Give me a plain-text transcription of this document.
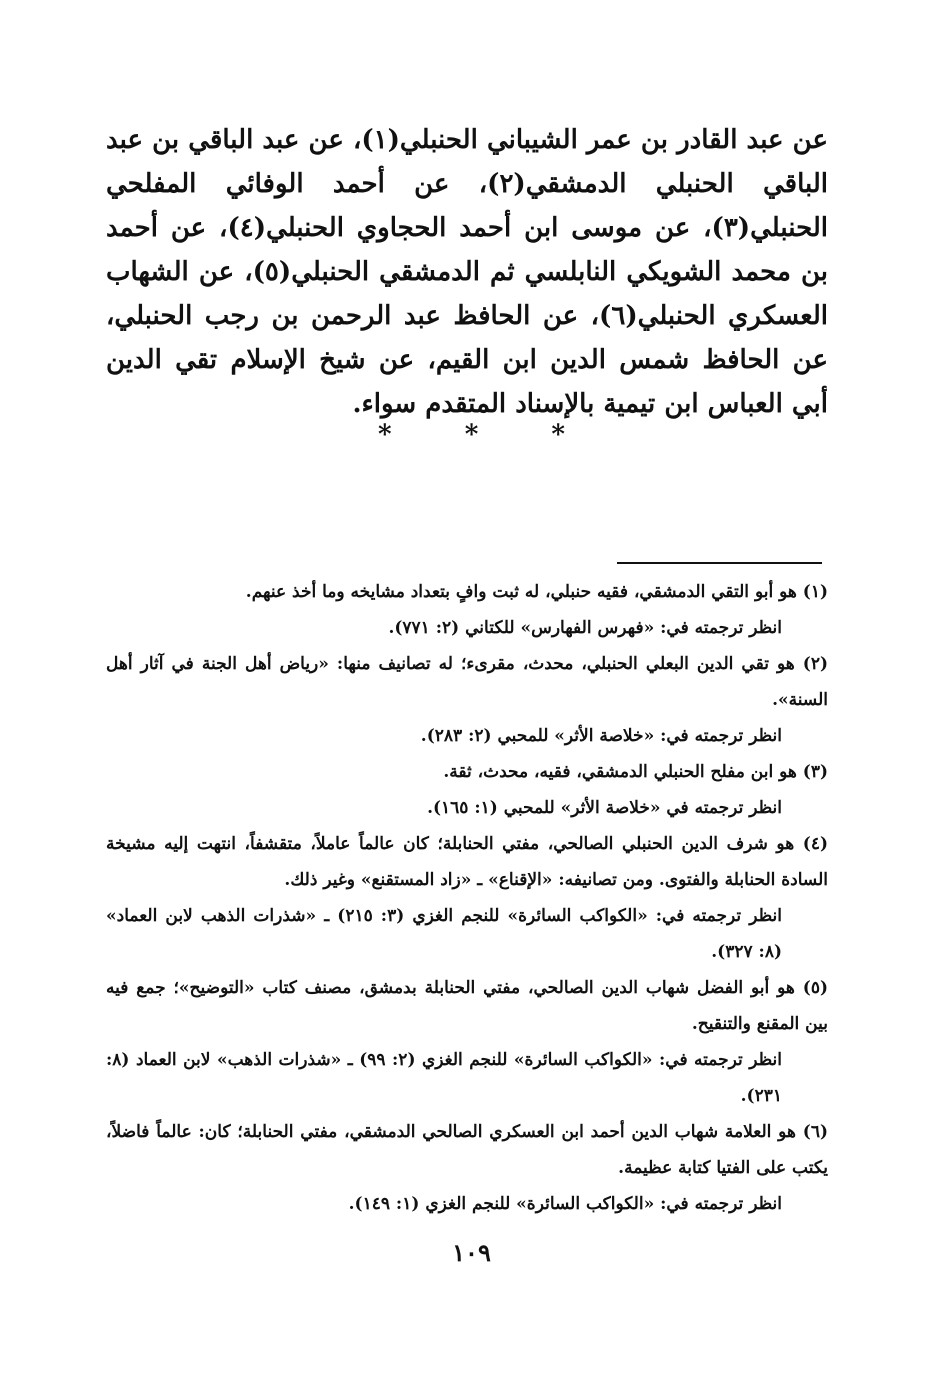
عن عبد القادر بن عمر الشيباني الحنبلي(١)، عن عبد الباقي بن عبد الباقي الحنبلي الدمشقي(٢)، عن أحمد الوفائي المفلحي الحنبلي(٣)، عن موسى ابن أحمد الحجاوي الحنبلي(٤)، عن أحمد بن محمد الشويكي النابلسي ثم الدمشقي الحنبلي(٥)، عن الشهاب العسكري الحنبلي(٦)، عن الحافظ عبد الرحمن بن رجب الحنبلي، عن الحافظ شمس الدين ابن القيم، عن شيخ الإسلام تقي الدين أبي العباس ابن تيمية بالإسناد المتقدم سواء.

*	*	*

(١) هو أبو التقي الدمشقي، فقيه حنبلي، له ثبت وافٍ بتعداد مشايخه وما أخذ عنهم.

انظر ترجمته في: «فهرس الفهارس» للكتاني (٢: ٧٧١).

(٢) هو تقي الدين البعلي الحنبلي، محدث، مقرىء؛ له تصانيف منها: «رياض أهل الجنة في آثار أهل السنة».

انظر ترجمته في: «خلاصة الأثر» للمحبي (٢: ٢٨٣).

(٣) هو ابن مفلح الحنبلي الدمشقي، فقيه، محدث، ثقة.

انظر ترجمته في «خلاصة الأثر» للمحبي (١: ١٦٥).

(٤) هو شرف الدين الحنبلي الصالحي، مفتي الحنابلة؛ كان عالماً عاملاً، متقشفاً، انتهت إليه مشيخة السادة الحنابلة والفتوى. ومن تصانيفه: «الإقناع» ـ «زاد المستقنع» وغير ذلك.

انظر ترجمته في: «الكواكب السائرة» للنجم الغزي (٣: ٢١٥) ـ «شذرات الذهب لابن العماد» (٨: ٣٢٧).

(٥) هو أبو الفضل شهاب الدين الصالحي، مفتي الحنابلة بدمشق، مصنف كتاب «التوضيح»؛ جمع فيه بين المقنع والتنقيح.

انظر ترجمته في: «الكواكب السائرة» للنجم الغزي (٢: ٩٩) ـ «شذرات الذهب» لابن العماد (٨: ٢٣١).

(٦) هو العلامة شهاب الدين أحمد ابن العسكري الصالحي الدمشقي، مفتي الحنابلة؛ كان: عالماً فاضلاً، يكتب على الفتيا كتابة عظيمة.

انظر ترجمته في: «الكواكب السائرة» للنجم الغزي (١: ١٤٩).

١٠٩
